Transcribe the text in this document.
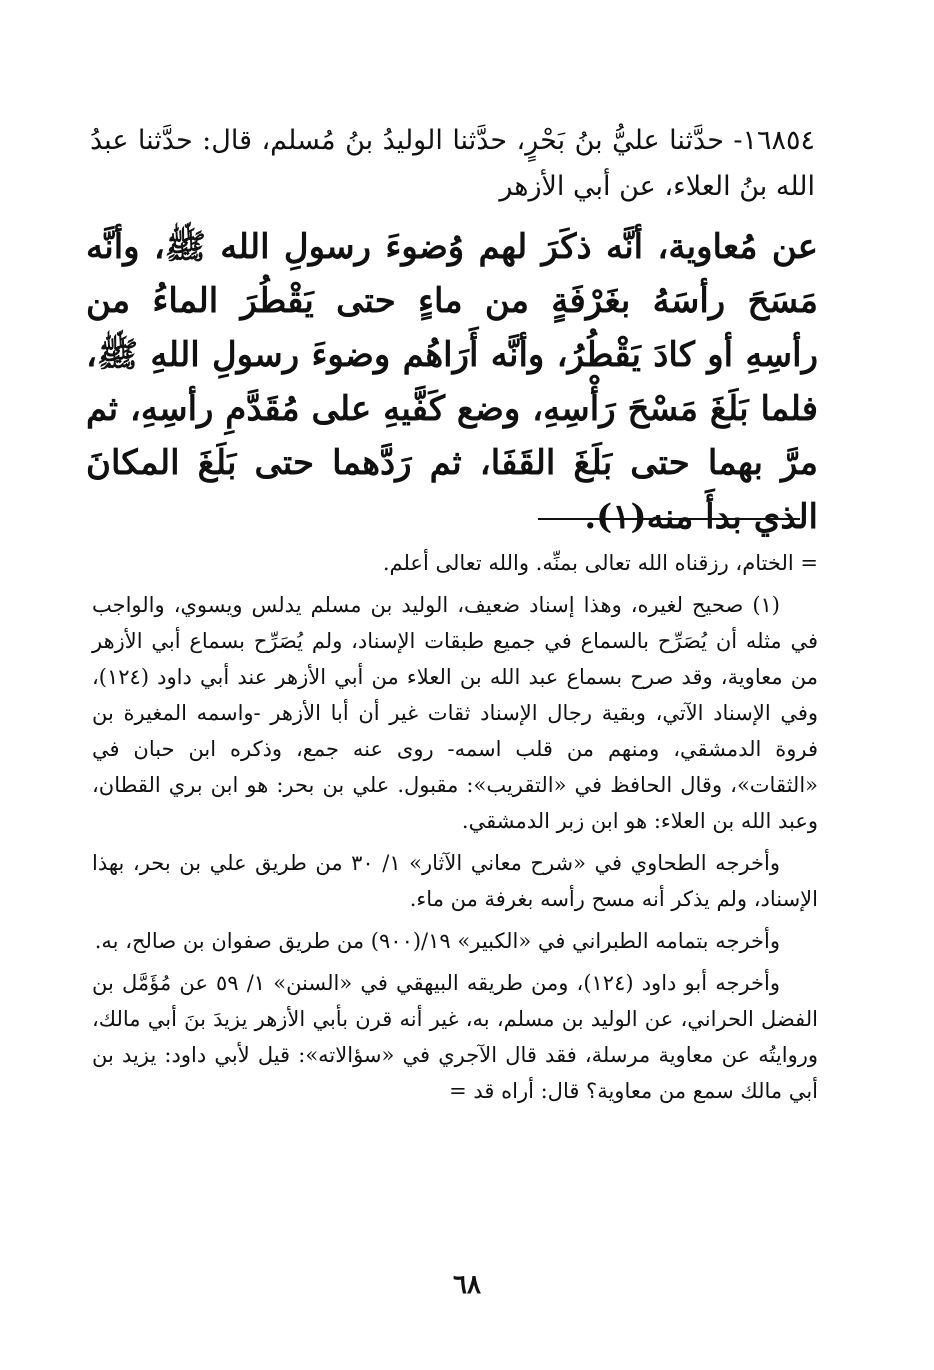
١٦٨٥٤- حدَّثنا عليُّ بنُ بَحْرٍ، حدَّثنا الوليدُ بنُ مُسلم، قال: حدَّثنا عبدُ الله بنُ العلاء، عن أبي الأزهر
عن مُعاوية، أنَّه ذكَرَ لهم وُضوءَ رسولِ الله ﷺ، وأنَّه مَسَحَ رأسَهُ بغَرْفَةٍ من ماءٍ حتى يَقْطُرَ الماءُ من رأسِهِ أو كادَ يَقْطُرُ، وأنَّه أَرَاهُم وضوءَ رسولِ اللهِ ﷺ، فلما بَلَغَ مَسْحَ رَأْسِهِ، وضع كَفَّيهِ على مُقَدَّمِ رأسِهِ، ثم مرَّ بهما حتى بَلَغَ القَفَا، ثم رَدَّهما حتى بَلَغَ المكانَ الذي بدأَ منه(١).

= الختام، رزقناه الله تعالى بمنِّه. والله تعالى أعلم.

(١) صحيح لغيره، وهذا إسناد ضعيف، الوليد بن مسلم يدلس ويسوي، والواجب في مثله أن يُصَرِّح بالسماع في جميع طبقات الإسناد، ولم يُصَرِّح بسماع أبي الأزهر من معاوية، وقد صرح بسماع عبد الله بن العلاء من أبي الأزهر عند أبي داود (١٢٤)، وفي الإسناد الآتي، وبقية رجال الإسناد ثقات غير أن أبا الأزهر -واسمه المغيرة بن فروة الدمشقي، ومنهم من قلب اسمه- روى عنه جمع، وذكره ابن حبان في «الثقات»، وقال الحافظ في «التقريب»: مقبول. علي بن بحر: هو ابن بري القطان، وعبد الله بن العلاء: هو ابن زبر الدمشقي.

وأخرجه الطحاوي في «شرح معاني الآثار» ١/ ٣٠ من طريق علي بن بحر، بهذا الإسناد، ولم يذكر أنه مسح رأسه بغرفة من ماء.

وأخرجه بتمامه الطبراني في «الكبير» ١٩/(٩٠٠) من طريق صفوان بن صالح، به.

وأخرجه أبو داود (١٢٤)، ومن طريقه البيهقي في «السنن» ١/ ٥٩ عن مُؤَمَّل بن الفضل الحراني، عن الوليد بن مسلم، به، غير أنه قرن بأبي الأزهر يزيدَ بنَ أبي مالك، وروايتُه عن معاوية مرسلة، فقد قال الآجري في «سؤالاته»: قيل لأبي داود: يزيد بن أبي مالك سمع من معاوية؟ قال: أراه قد =

٦٨
